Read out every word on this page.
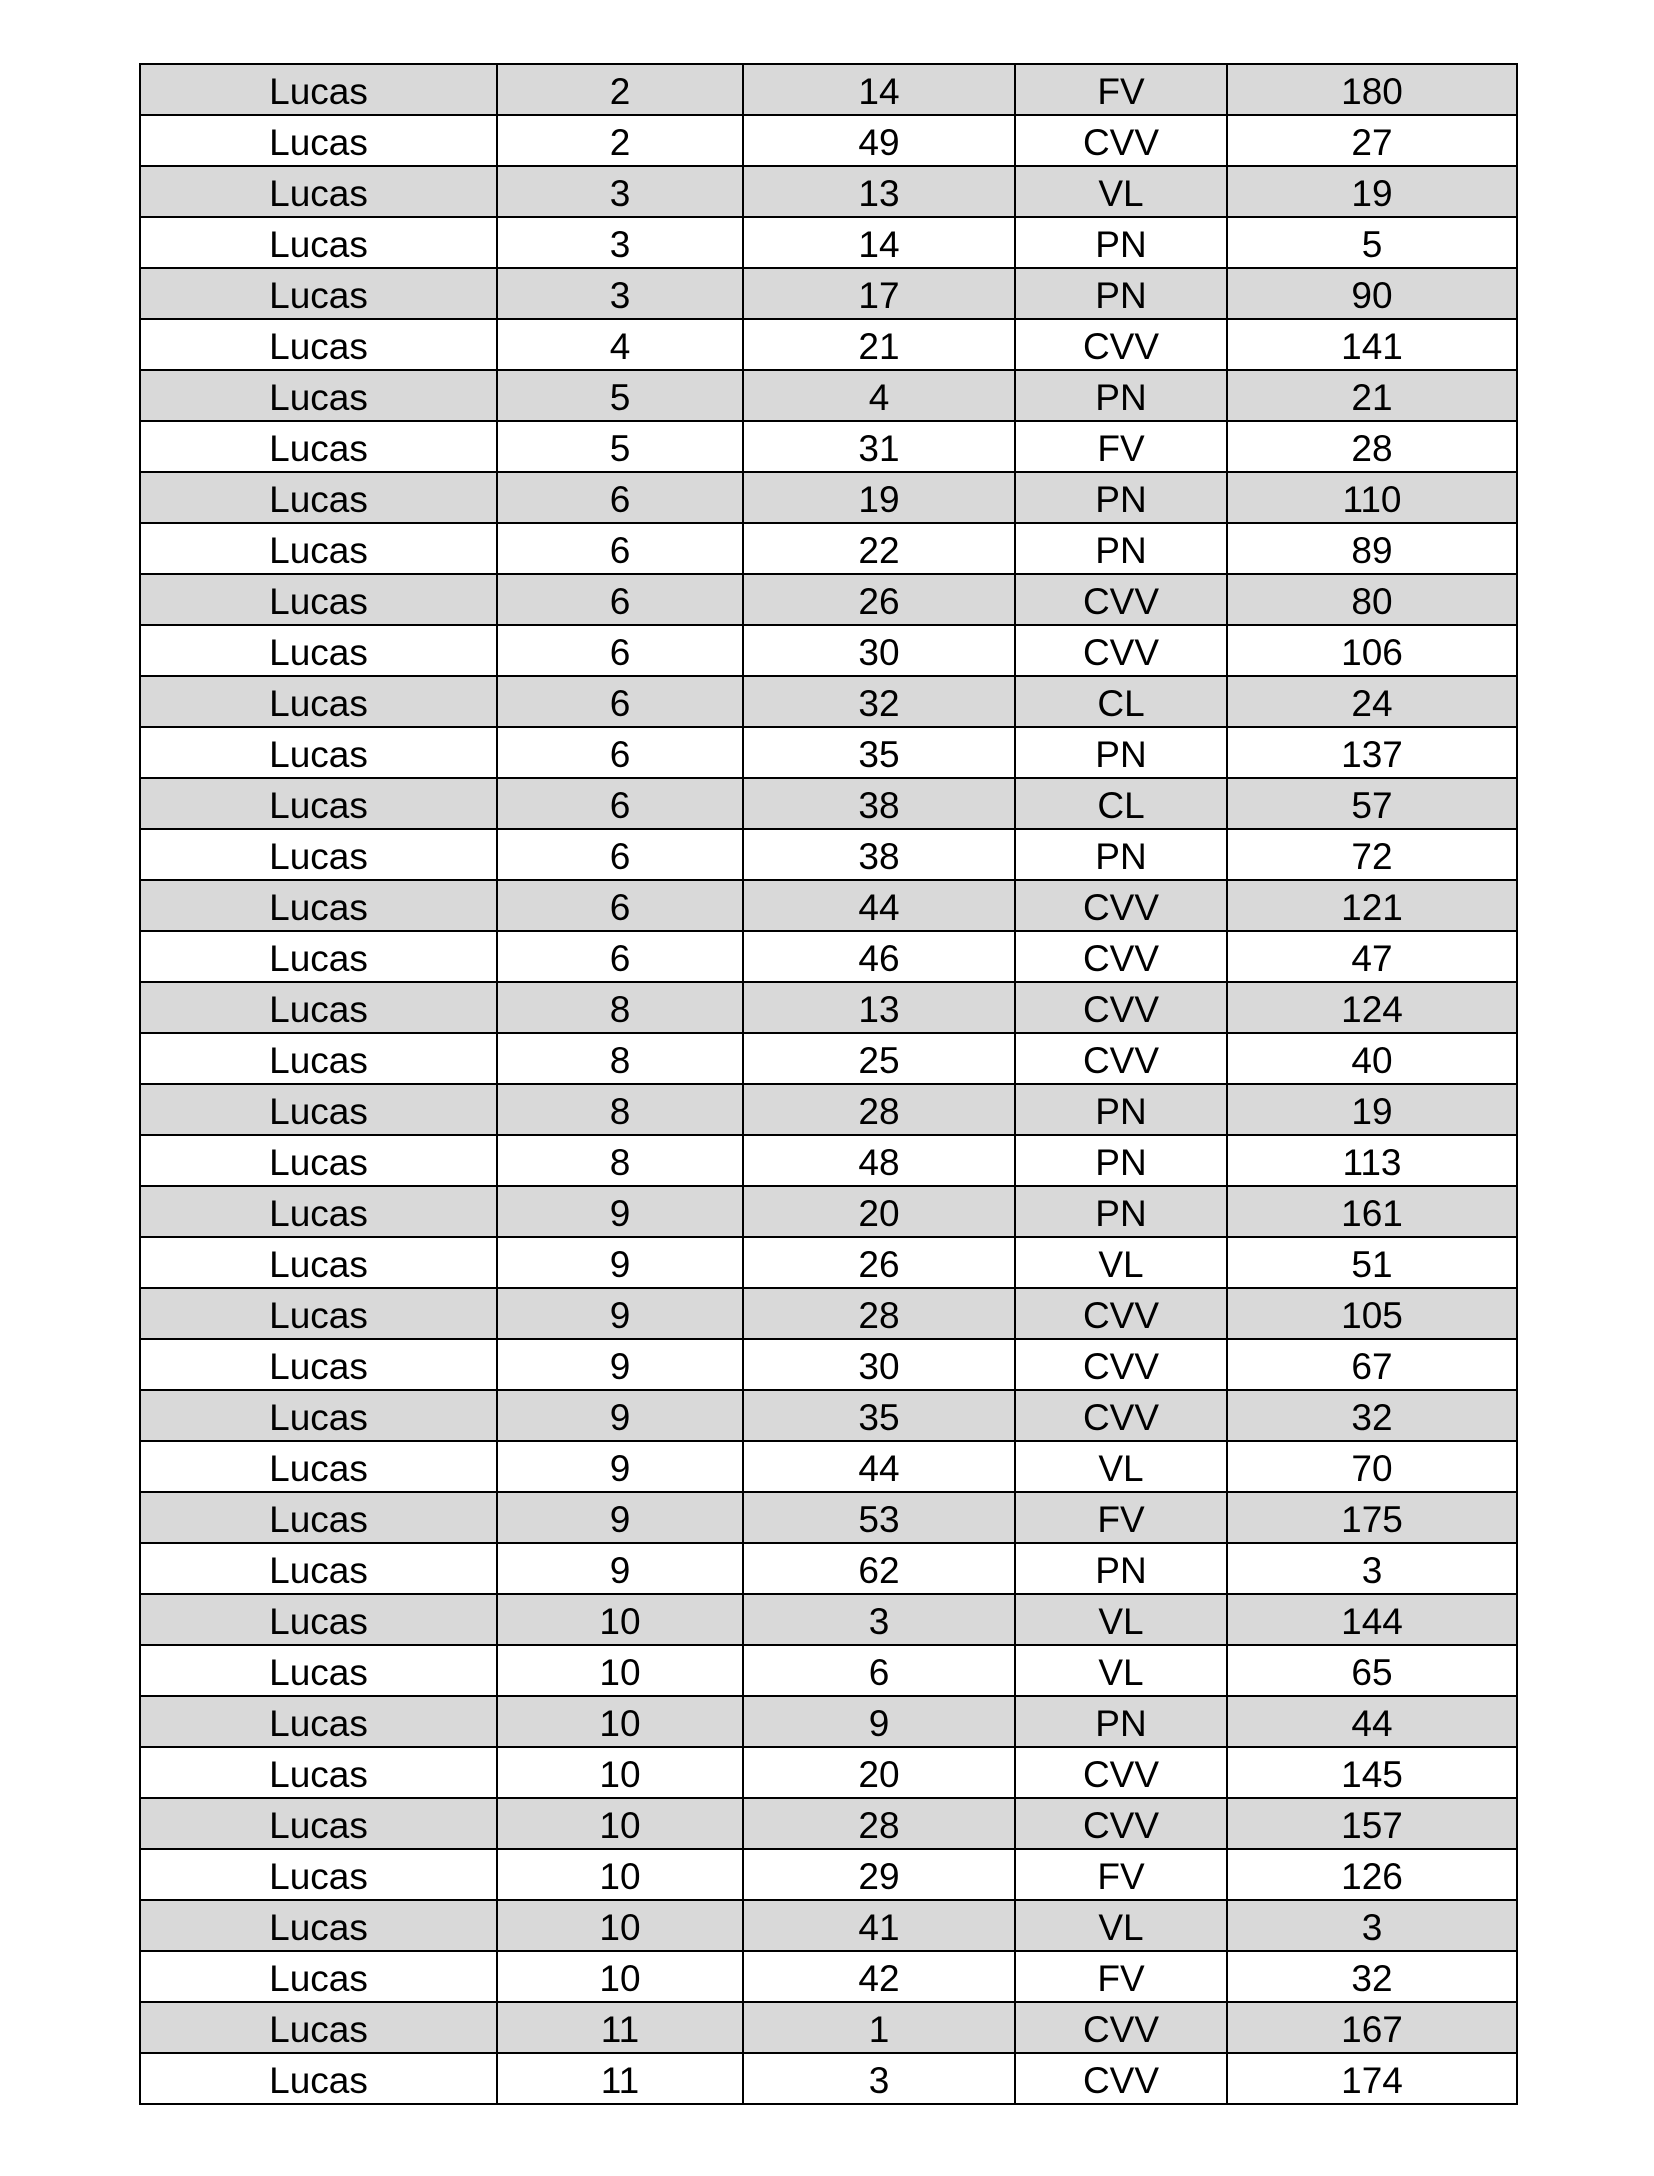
Lucas	2	14	FV	180
Lucas	2	49	CVV	27
Lucas	3	13	VL	19
Lucas	3	14	PN	5
Lucas	3	17	PN	90
Lucas	4	21	CVV	141
Lucas	5	4	PN	21
Lucas	5	31	FV	28
Lucas	6	19	PN	110
Lucas	6	22	PN	89
Lucas	6	26	CVV	80
Lucas	6	30	CVV	106
Lucas	6	32	CL	24
Lucas	6	35	PN	137
Lucas	6	38	CL	57
Lucas	6	38	PN	72
Lucas	6	44	CVV	121
Lucas	6	46	CVV	47
Lucas	8	13	CVV	124
Lucas	8	25	CVV	40
Lucas	8	28	PN	19
Lucas	8	48	PN	113
Lucas	9	20	PN	161
Lucas	9	26	VL	51
Lucas	9	28	CVV	105
Lucas	9	30	CVV	67
Lucas	9	35	CVV	32
Lucas	9	44	VL	70
Lucas	9	53	FV	175
Lucas	9	62	PN	3
Lucas	10	3	VL	144
Lucas	10	6	VL	65
Lucas	10	9	PN	44
Lucas	10	20	CVV	145
Lucas	10	28	CVV	157
Lucas	10	29	FV	126
Lucas	10	41	VL	3
Lucas	10	42	FV	32
Lucas	11	1	CVV	167
Lucas	11	3	CVV	174
